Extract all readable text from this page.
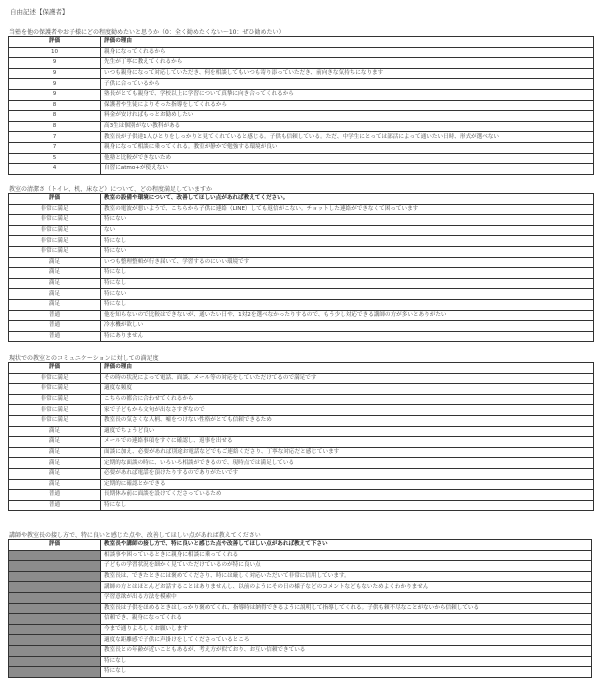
自由記述【保護者】
当塾を他の保護者やお子様にどの程度勧めたいと思うか（0：全く勧めたくない～10：ぜひ勧めたい）
評価	評価の理由
10	親身になってくれるから
9	先生が丁寧に教えてくれるから
9	いつも親身になって対応していただき、何を相談してもいつも寄り添っていただき、前向きな気持ちになります
9	子供に合っているから
9	塾長がとても親身で、学校以上に学習について真摯に向き合ってくれるから
8	保護者や生徒によりそった指導をしてくれるから
8	料金が安ければもっとお勧めしたい
8	高3生は個別がない教科がある
7	教室長が子供達1人ひとりをしっかりと見てくれていると感じる。子供も信頼している。ただ、中学生にとっては部活によって通いたい日時、形式が選べない
7	親身になって相談に乗ってくれる。教室が静かで勉強する環境が良い
5	他塾と比較ができないため
4	自習にatmo+が使えない
教室の清潔さ（トイレ、机、床など）について、どの程度満足していますか
評価	教室の設備や環境について、改善してほしい点があれば教えてください。
非常に満足	教室の電波が悪いようで、こちらから子供に連絡（LINE）しても返信がこない。チョットした連絡ができなくて困っています
非常に満足	特にない
非常に満足	ない
非常に満足	特になし
非常に満足	特にない
満足	いつも整理整頓が行き届いて、学習するのにいい環境です
満足	特になし
満足	特になし
満足	特にない
満足	特になし
普通	他を知らないので比較はできないが、通いたい日や、1対2を選べなかったりするので、もう少し対応できる講師の方が多いとありがたい
普通	冷水機が欲しい
普通	特にありません
現状での教室とのコミュニケーションに対しての満足度
評価	評価の理由
非常に満足	その時の状況によって電話、面談、メール等の対応をしていただけてるので満足です
非常に満足	適度な頻度
非常に満足	こちらの都合に合わせてくれるから
非常に満足	家で子どもから文句が出なさすぎなので
非常に満足	教室長の気さくな人柄、嘘をつけない性格がとても信頼できるため
満足	適度でちょうど良い
満足	メールでの連絡事項をすぐに確認し、返事を出せる
満足	面談に加え、必要があれば別途お電話などでもご連絡くださり、丁寧な対応だと感じています
満足	定期的な面談の時に、いろいろ相談ができるので、現時点では満足している
満足	必要があれば電話を頂けたりするのでありがたいです
満足	定期的に確認とかできる
普通	長期休み前に面談を設けてくださっているため
普通	特になし
講師や教室長の接し方で、特に良いと感じた点や、改善してほしい点があれば教えてください
評価	教室長や講師の接し方で、特に良いと感じた点や改善してほしい点があれば教えて下さい
	相談事や困っているときに親身に相談に乗ってくれる
	子どもの学習状況を細かく見ていただけているのが特に良い点
	教室長は、できたときには褒めてくださり、時には厳しく対応いただいて非常に信用しています。
	講師の方とはほとんどお話することはありませんし、以前のようにその日の様子などのコメントなどもないためよくわかりません
	学習意欲が出る方法を模索中
	教室長は子供をほめるときはしっかり褒めてくれ、指導時は納得できるように説明して指導してくれる。子供も頼不尽なことがないから信頼している
	信頼でき、親身になってくれる
	今まで通りよろしくお願いします
	適度な距離感で子供に声掛けをしてくださっているところ
	教室長との年齢が近いこともあるが、考え方が似ており、お互い信頼できている
	特になし
	特になし
